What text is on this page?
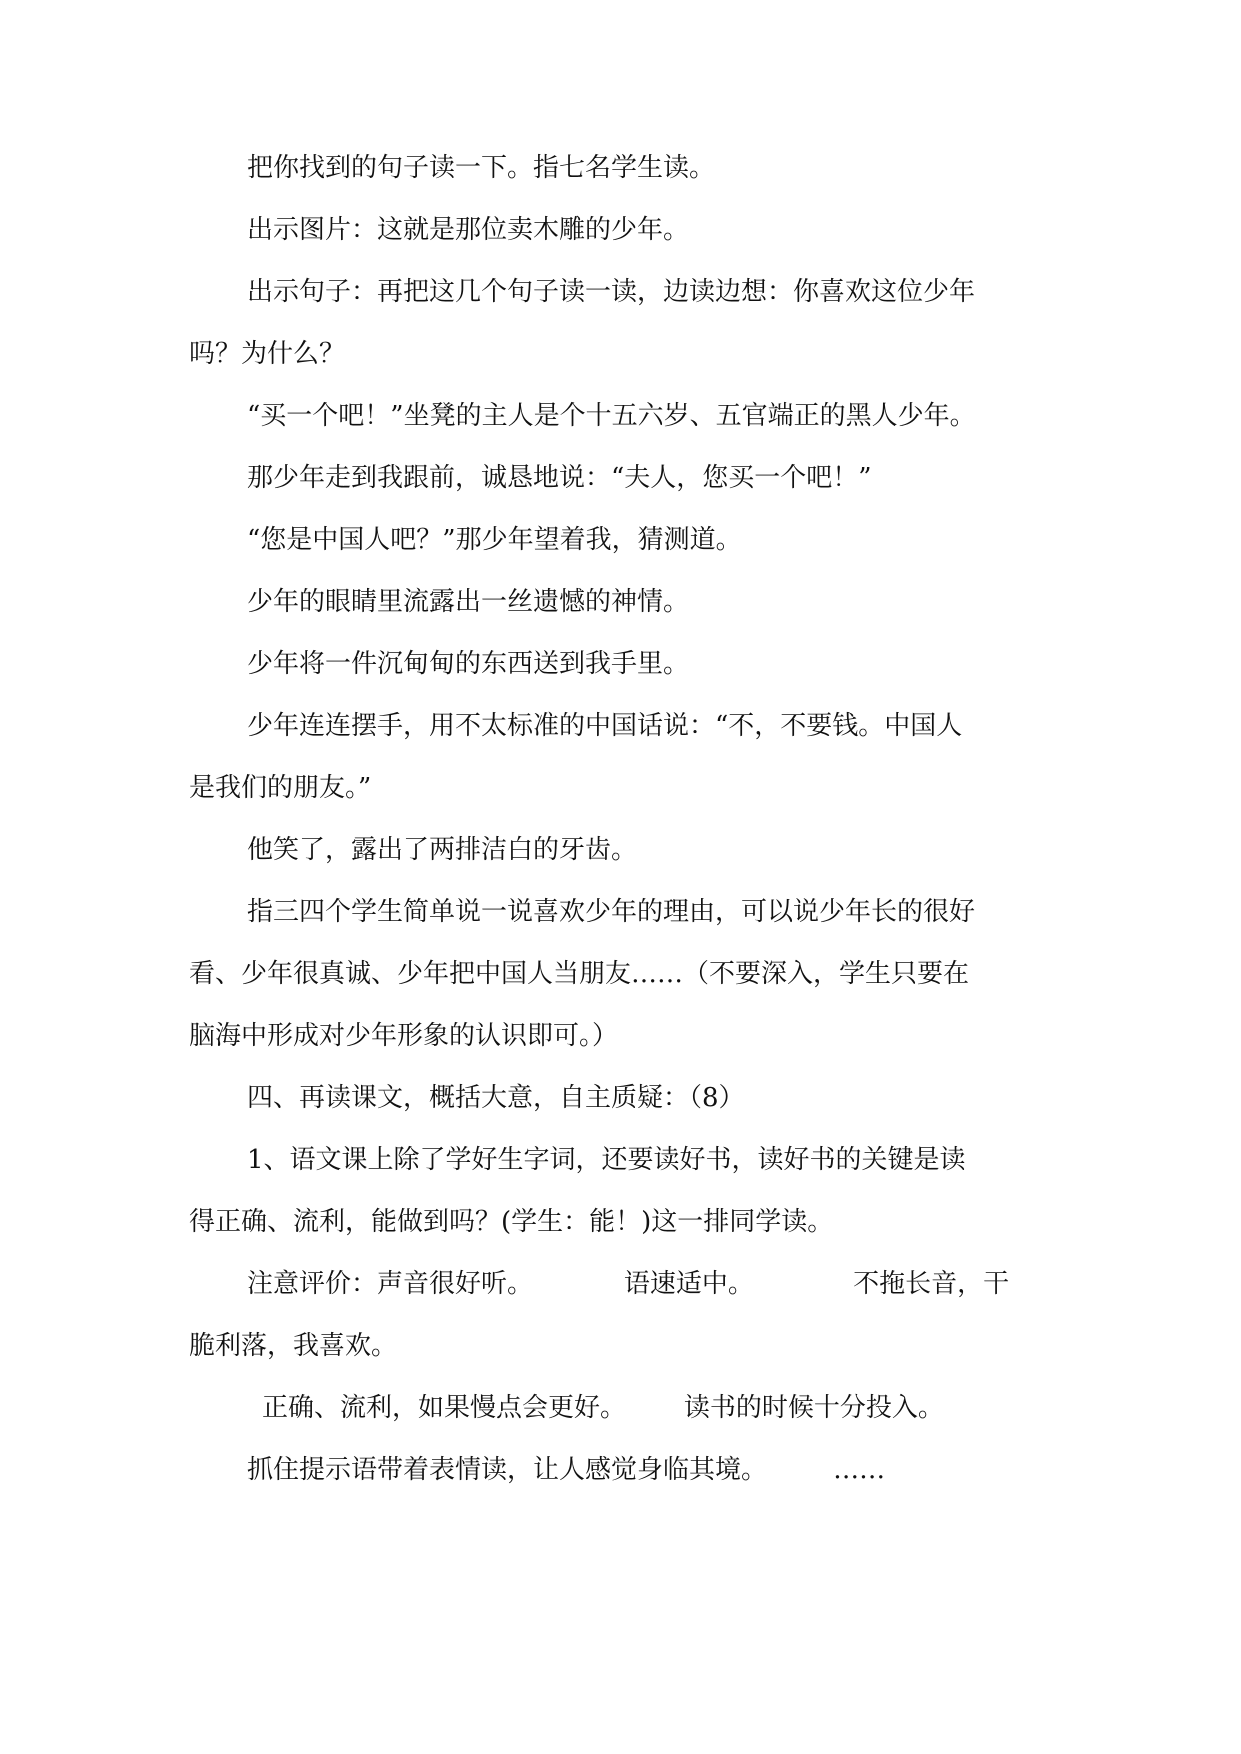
把你找到的句子读一下。指七名学生读。
出示图片：这就是那位卖木雕的少年。
出示句子：再把这几个句子读一读，边读边想：你喜欢这位少年
吗？为什么？
“买一个吧！”坐凳的主人是个十五六岁、五官端正的黑人少年。
那少年走到我跟前，诚恳地说：“夫人，您买一个吧！”
“您是中国人吧？”那少年望着我，猜测道。
少年的眼睛里流露出一丝遗憾的神情。
少年将一件沉甸甸的东西送到我手里。
少年连连摆手，用不太标准的中国话说：“不，不要钱。中国人
是我们的朋友。”
他笑了，露出了两排洁白的牙齿。
指三四个学生简单说一说喜欢少年的理由，可以说少年长的很好
看、少年很真诚、少年把中国人当朋友……（不要深入，学生只要在
脑海中形成对少年形象的认识即可。）
四、再读课文，概括大意，自主质疑：（8）
1、语文课上除了学好生字词，还要读好书，读好书的关键是读
得正确、流利，能做到吗？(学生：能！)这一排同学读。
注意评价：声音很好听。           语速适中。            不拖长音，干
脆利落，我喜欢。
正确、流利，如果慢点会更好。       读书的时候十分投入。
抓住提示语带着表情读，让人感觉身临其境。        ……
